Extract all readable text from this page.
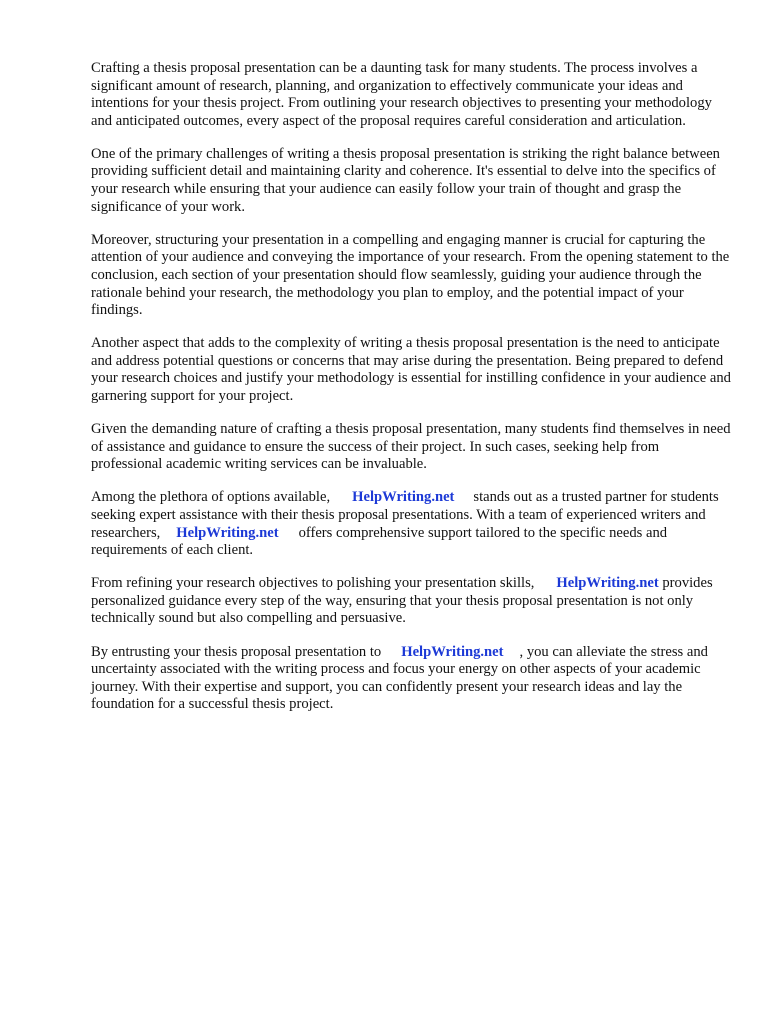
Crafting a thesis proposal presentation can be a daunting task for many students. The process involves a significant amount of research, planning, and organization to effectively communicate your ideas and intentions for your thesis project. From outlining your research objectives to presenting your methodology and anticipated outcomes, every aspect of the proposal requires careful consideration and articulation.

One of the primary challenges of writing a thesis proposal presentation is striking the right balance between providing sufficient detail and maintaining clarity and coherence. It's essential to delve into the specifics of your research while ensuring that your audience can easily follow your train of thought and grasp the significance of your work.

Moreover, structuring your presentation in a compelling and engaging manner is crucial for capturing the attention of your audience and conveying the importance of your research. From the opening statement to the conclusion, each section of your presentation should flow seamlessly, guiding your audience through the rationale behind your research, the methodology you plan to employ, and the potential impact of your findings.

Another aspect that adds to the complexity of writing a thesis proposal presentation is the need to anticipate and address potential questions or concerns that may arise during the presentation. Being prepared to defend your research choices and justify your methodology is essential for instilling confidence in your audience and garnering support for your project.

Given the demanding nature of crafting a thesis proposal presentation, many students find themselves in need of assistance and guidance to ensure the success of their project. In such cases, seeking help from professional academic writing services can be invaluable.

Among the plethora of options available, HelpWriting.net stands out as a trusted partner for students seeking expert assistance with their thesis proposal presentations. With a team of experienced writers and researchers, HelpWriting.net offers comprehensive support tailored to the specific needs and requirements of each client.

From refining your research objectives to polishing your presentation skills, HelpWriting.net provides personalized guidance every step of the way, ensuring that your thesis proposal presentation is not only technically sound but also compelling and persuasive.

By entrusting your thesis proposal presentation to HelpWriting.net , you can alleviate the stress and uncertainty associated with the writing process and focus your energy on other aspects of your academic journey. With their expertise and support, you can confidently present your research ideas and lay the foundation for a successful thesis project.
